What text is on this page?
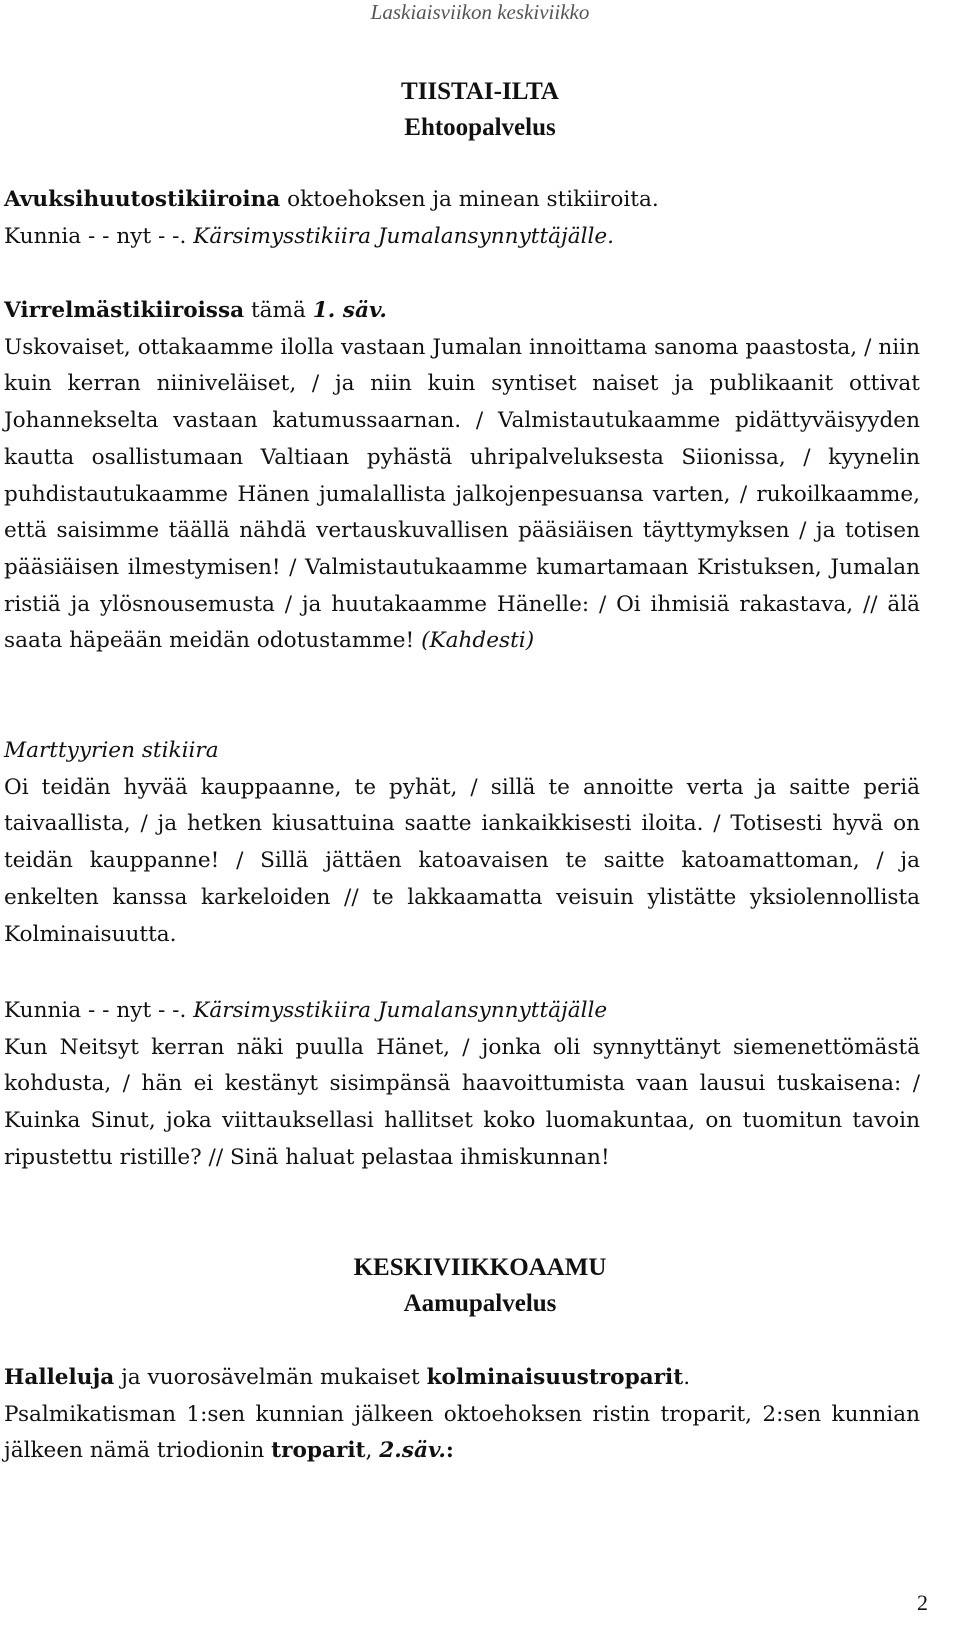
Laskiaisviikon keskiviikko
TIISTAI-ILTA
Ehtoopalvelus

Avuksihuutostikiiroina oktoehoksen ja minean stikiiroita.

Kunnia - - nyt - -. Kärsimysstikiira Jumalansynnyttäjälle.

Virrelmästikiiroissa tämä 1. säv.

Uskovaiset, ottakaamme ilolla vastaan Jumalan innoittama sanoma paastosta, / niin kuin kerran niiniveläiset, / ja niin kuin syntiset naiset ja publikaanit ottivat Johannekselta vastaan katumussaarnan. / Valmistautukaamme pidättyväisyyden kautta osallistumaan Valtiaan pyhästä uhripalveluksesta Siionissa, / kyynelin puhdistautukaamme Hänen jumalallista jalkojenpesuansa varten, / rukoilkaamme, että saisimme täällä nähdä vertauskuvallisen pääsiäisen täyttymyksen / ja totisen pääsiäisen ilmestymisen! / Valmistautukaamme kumartamaan Kristuksen, Jumalan ristiä ja ylösnousemusta / ja huutakaamme Hänelle: / Oi ihmisiä rakastava, // älä saata häpeään meidän odotustamme! (Kahdesti)

Marttyyrien stikiira

Oi teidän hyvää kauppaanne, te pyhät, / sillä te annoitte verta ja saitte periä taivaallista, / ja hetken kiusattuina saatte iankaikkisesti iloita. / Totisesti hyvä on teidän kauppanne! / Sillä jättäen katoavaisen te saitte katoamattoman, / ja enkelten kanssa karkeloiden // te lakkaamatta veisuin ylistätte yksiolennollista Kolminaisuutta.

Kunnia - - nyt - -. Kärsimysstikiira Jumalansynnyttäjälle

Kun Neitsyt kerran näki puulla Hänet, / jonka oli synnyttänyt siemenettömästä kohdusta, / hän ei kestänyt sisimpänsä haavoittumista vaan lausui tuskaisena: / Kuinka Sinut, joka viittauksellasi hallitset koko luomakuntaa, on tuomitun tavoin ripustettu ristille? // Sinä haluat pelastaa ihmiskunnan!

KESKIVIIKKOAAMU
Aamupalvelus

Halleluja ja vuorosävelmän mukaiset kolminaisuustroparit.

Psalmikatisman 1:sen kunnian jälkeen oktoehoksen ristin troparit, 2:sen kunnian jälkeen nämä triodionin troparit, 2.säv.:

2
